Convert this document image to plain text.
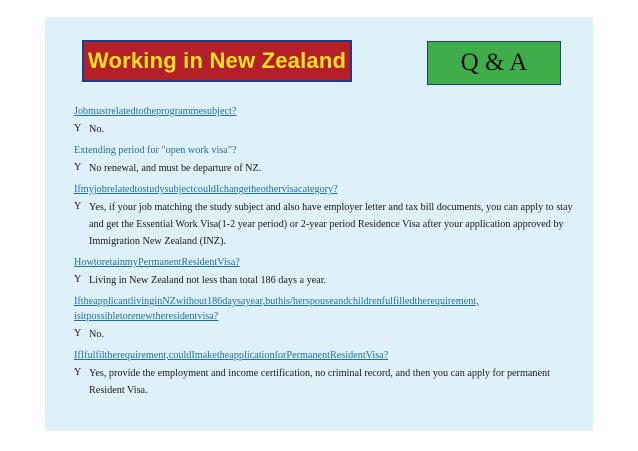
Working in New Zealand	Q & A

Jobmustrelatedtotheprogrammesubject?

Y No.

Extending period for "open work visa"?

Y No renewal, and must be departure of NZ.

IfmyjobrelatedtostudysubjectcouldIchangetheothervisacategory?

Y Yes, if your job matching the study subject and also have employer letter and tax bill documents, you can apply to stay and get the Essential Work Visa(1-2 year period) or 2-year period Residence Visa after your application approved by Immigration New Zealand (INZ).

HowtoretainmyPermanentResidentVisa?

Y Living in New Zealand not less than total 186 days a year.

IftheapplicantlivinginNZwithout186daysayear,buthis/herspouseandchildrenfulfilledtherequirement, isitpossibletorenewtheresidentvisa?

Y No.

IfIfulfiltherequirement,couldImaketheapplicationforPermanentResidentVisa?

Y Yes, provide the employment and income certification, no criminal record, and then you can apply for permanent Resident Visa.
